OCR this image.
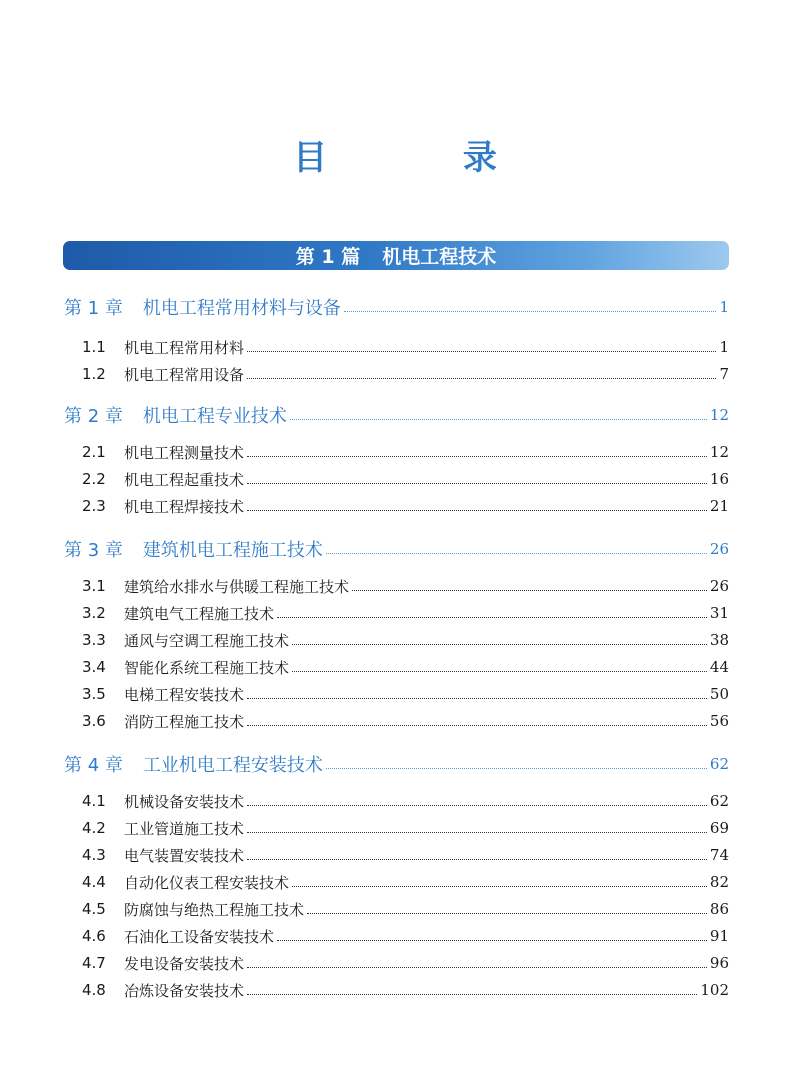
目 录
第 1 篇 机电工程技术
第 1 章 机电工程常用材料与设备	1
1.1	机电工程常用材料	1
1.2	机电工程常用设备	7
第 2 章 机电工程专业技术	12
2.1	机电工程测量技术	12
2.2	机电工程起重技术	16
2.3	机电工程焊接技术	21
第 3 章 建筑机电工程施工技术	26
3.1	建筑给水排水与供暖工程施工技术	26
3.2	建筑电气工程施工技术	31
3.3	通风与空调工程施工技术	38
3.4	智能化系统工程施工技术	44
3.5	电梯工程安装技术	50
3.6	消防工程施工技术	56
第 4 章 工业机电工程安装技术	62
4.1	机械设备安装技术	62
4.2	工业管道施工技术	69
4.3	电气装置安装技术	74
4.4	自动化仪表工程安装技术	82
4.5	防腐蚀与绝热工程施工技术	86
4.6	石油化工设备安装技术	91
4.7	发电设备安装技术	96
4.8	冶炼设备安装技术	102
